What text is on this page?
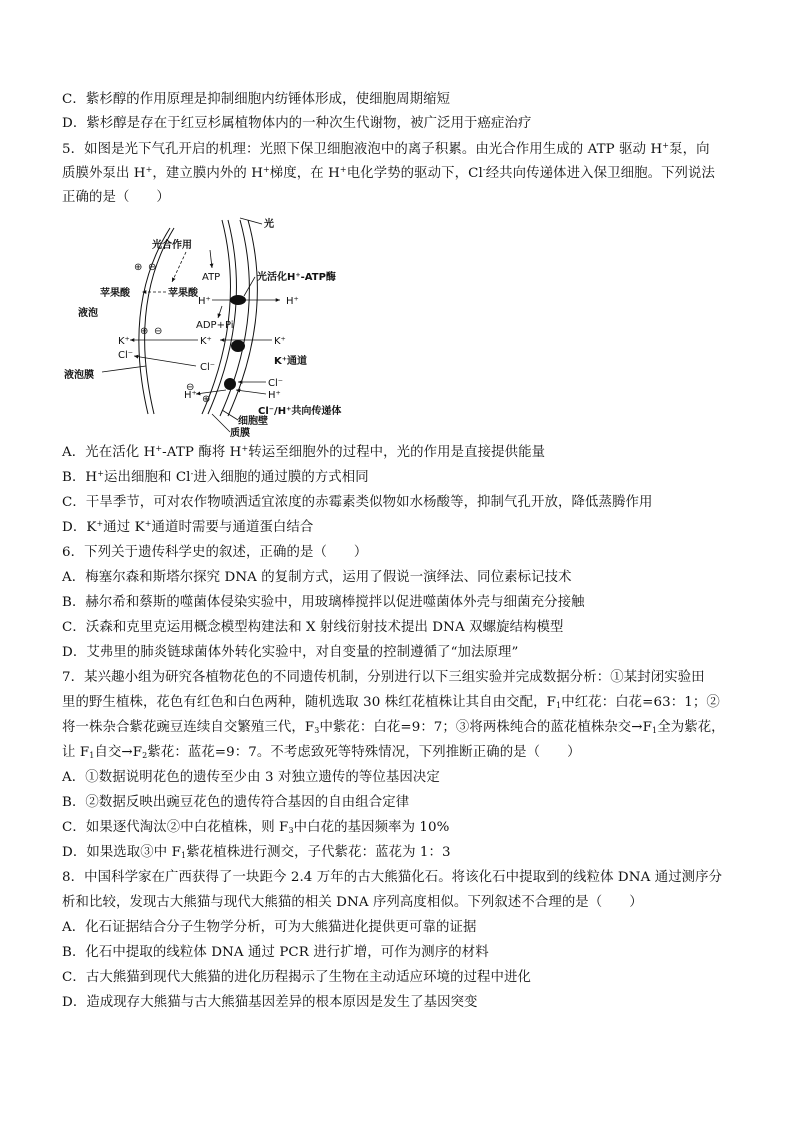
C．紫杉醇的作用原理是抑制细胞内纺锤体形成，使细胞周期缩短
D．紫杉醇是存在于红豆杉属植物体内的一种次生代谢物，被广泛用于癌症治疗
5．如图是光下气孔开启的机理：光照下保卫细胞液泡中的离子积累。由光合作用生成的 ATP 驱动 H+泵，向
质膜外泵出 H+，建立膜内外的 H+梯度，在 H+电化学势的驱动下，Cl-经共向传递体进入保卫细胞。下列说法
正确的是（　　）
光
光合作用
ATP	光活化H⁺-ATP酶
苹果酸	苹果酸
H⁺	H⁺
液泡
ADP+Pi
K⁺	K⁺	K⁺
K⁺通道
Cl⁻
Cl⁻
液泡膜
Cl⁻
H⁺
H⁺
Cl⁻/H⁺共向传递体
细胞壁
质膜
⊕ ⊖
⊕ ⊖
⊖
⊕
A．光在活化 H+-ATP 酶将 H+转运至细胞外的过程中，光的作用是直接提供能量
B．H+运出细胞和 Cl-进入细胞的通过膜的方式相同
C．干旱季节，可对农作物喷洒适宜浓度的赤霉素类似物如水杨酸等，抑制气孔开放，降低蒸腾作用
D．K+通过 K+通道时需要与通道蛋白结合
6．下列关于遗传科学史的叙述，正确的是（　　）
A．梅塞尔森和斯塔尔探究 DNA 的复制方式，运用了假说一演绎法、同位素标记技术
B．赫尔希和蔡斯的噬菌体侵染实验中，用玻璃棒搅拌以促进噬菌体外壳与细菌充分接触
C．沃森和克里克运用概念模型构建法和 X 射线衍射技术提出 DNA 双螺旋结构模型
D．艾弗里的肺炎链球菌体外转化实验中，对自变量的控制遵循了“加法原理”
7．某兴趣小组为研究各植物花色的不同遗传机制，分别进行以下三组实验并完成数据分析：①某封闭实验田
里的野生植株，花色有红色和白色两种，随机选取 30 株红花植株让其自由交配，$F_1$中红花：白花=63：1；②
将一株杂合紫花豌豆连续自交繁殖三代，$F_3$中紫花：白花=9：7；③将两株纯合的蓝花植株杂交$\to F_1$全为紫花，
让 $F_1$自交$\to F_2$紫花：蓝花=9：7。不考虑致死等特殊情况，下列推断正确的是（　　）
A．①数据说明花色的遗传至少由 3 对独立遗传的等位基因决定
B．②数据反映出豌豆花色的遗传符合基因的自由组合定律
C．如果逐代淘汰②中白花植株，则 $F_3$中白花的基因频率为 10%
D．如果选取③中 $F_1$紫花植株进行测交，子代紫花：蓝花为 1：3
8．中国科学家在广西获得了一块距今 2.4 万年的古大熊猫化石。将该化石中提取到的线粒体 DNA 通过测序分
析和比较，发现古大熊猫与现代大熊猫的相关 DNA 序列高度相似。下列叙述不合理的是（　　）
A．化石证据结合分子生物学分析，可为大熊猫进化提供更可靠的证据
B．化石中提取的线粒体 DNA 通过 PCR 进行扩增，可作为测序的材料
C．古大熊猫到现代大熊猫的进化历程揭示了生物在主动适应环境的过程中进化
D．造成现存大熊猫与古大熊猫基因差异的根本原因是发生了基因突变
